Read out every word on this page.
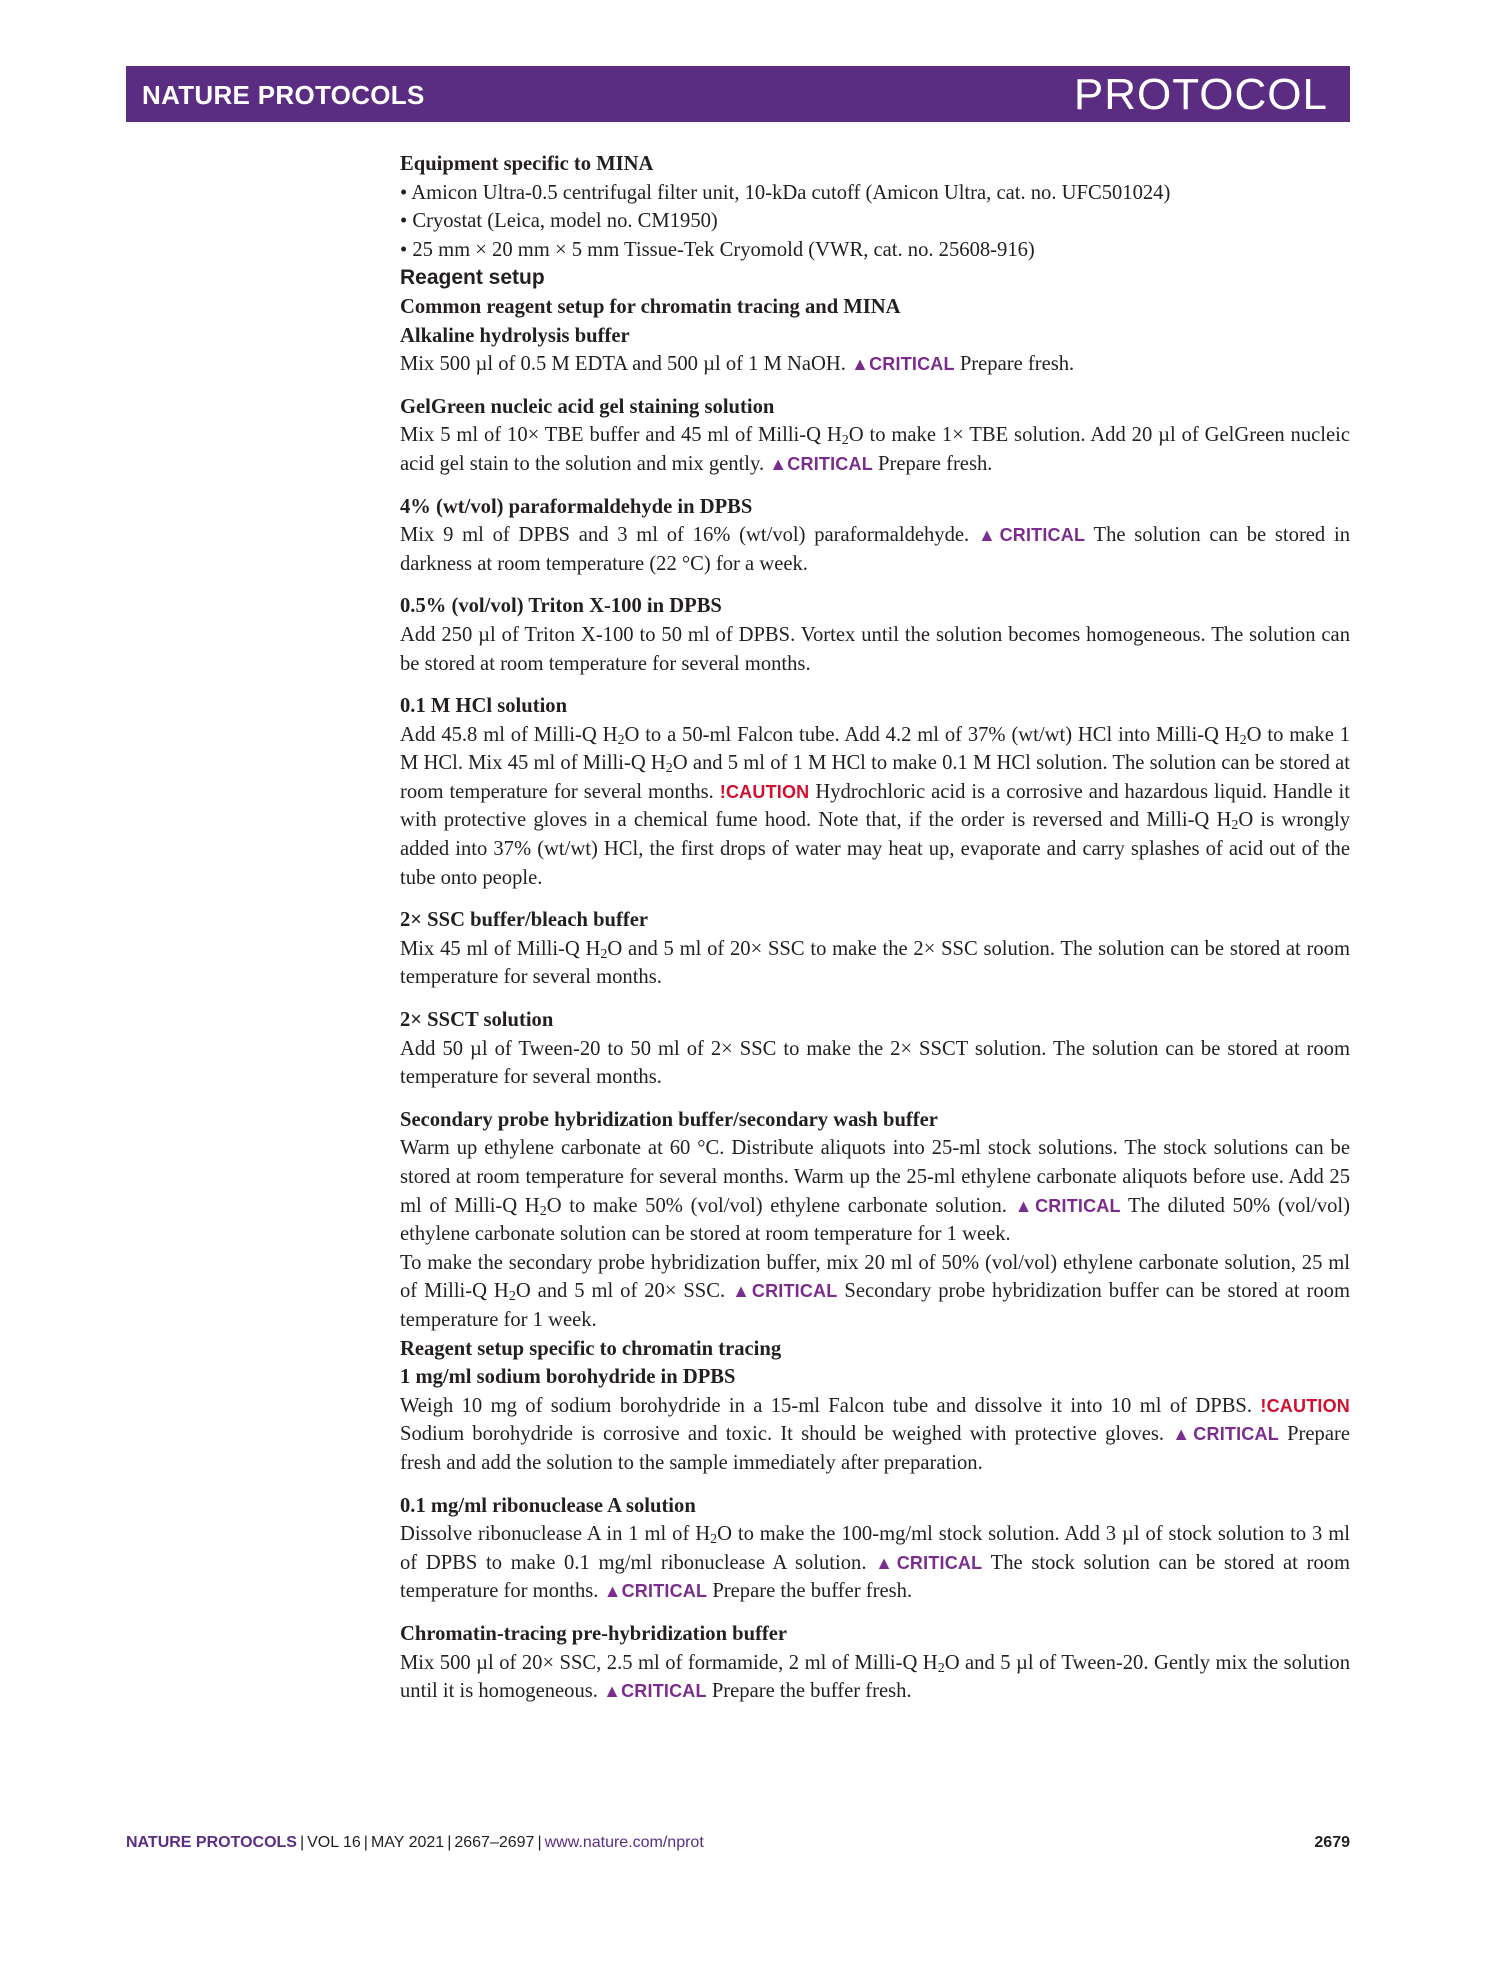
NATURE PROTOCOLS	PROTOCOL

Equipment specific to MINA

• Amicon Ultra-0.5 centrifugal filter unit, 10-kDa cutoff (Amicon Ultra, cat. no. UFC501024)

• Cryostat (Leica, model no. CM1950)

• 25 mm × 20 mm × 5 mm Tissue-Tek Cryomold (VWR, cat. no. 25608-916)

Reagent setup

Common reagent setup for chromatin tracing and MINA

Alkaline hydrolysis buffer

Mix 500 µl of 0.5 M EDTA and 500 µl of 1 M NaOH. ▲CRITICAL Prepare fresh.

GelGreen nucleic acid gel staining solution

Mix 5 ml of 10× TBE buffer and 45 ml of Milli-Q $H_2O$ to make 1× TBE solution. Add 20 µl of GelGreen nucleic acid gel stain to the solution and mix gently. ▲CRITICAL Prepare fresh.

4% (wt/vol) paraformaldehyde in DPBS

Mix 9 ml of DPBS and 3 ml of 16% (wt/vol) paraformaldehyde. ▲CRITICAL The solution can be stored in darkness at room temperature (22 °C) for a week.

0.5% (vol/vol) Triton X-100 in DPBS

Add 250 µl of Triton X-100 to 50 ml of DPBS. Vortex until the solution becomes homogeneous. The solution can be stored at room temperature for several months.

0.1 M HCl solution

Add 45.8 ml of Milli-Q $H_2O$ to a 50-ml Falcon tube. Add 4.2 ml of 37% (wt/wt) HCl into Milli-Q $H_2O$ to make 1 M HCl. Mix 45 ml of Milli-Q $H_2O$ and 5 ml of 1 M HCl to make 0.1 M HCl solution. The solution can be stored at room temperature for several months. !CAUTION Hydrochloric acid is a corrosive and hazardous liquid. Handle it with protective gloves in a chemical fume hood. Note that, if the order is reversed and Milli-Q $H_2O$ is wrongly added into 37% (wt/wt) HCl, the first drops of water may heat up, evaporate and carry splashes of acid out of the tube onto people.

2× SSC buffer/bleach buffer

Mix 45 ml of Milli-Q $H_2O$ and 5 ml of 20× SSC to make the 2× SSC solution. The solution can be stored at room temperature for several months.

2× SSCT solution

Add 50 µl of Tween-20 to 50 ml of 2× SSC to make the 2× SSCT solution. The solution can be stored at room temperature for several months.

Secondary probe hybridization buffer/secondary wash buffer

Warm up ethylene carbonate at 60 °C. Distribute aliquots into 25-ml stock solutions. The stock solutions can be stored at room temperature for several months. Warm up the 25-ml ethylene carbonate aliquots before use. Add 25 ml of Milli-Q $H_2O$ to make 50% (vol/vol) ethylene carbonate solution. ▲CRITICAL The diluted 50% (vol/vol) ethylene carbonate solution can be stored at room temperature for 1 week.

To make the secondary probe hybridization buffer, mix 20 ml of 50% (vol/vol) ethylene carbonate solution, 25 ml of Milli-Q $H_2O$ and 5 ml of 20× SSC. ▲CRITICAL Secondary probe hybridization buffer can be stored at room temperature for 1 week.

Reagent setup specific to chromatin tracing

1 mg/ml sodium borohydride in DPBS

Weigh 10 mg of sodium borohydride in a 15-ml Falcon tube and dissolve it into 10 ml of DPBS. !CAUTION Sodium borohydride is corrosive and toxic. It should be weighed with protective gloves. ▲CRITICAL Prepare fresh and add the solution to the sample immediately after preparation.

0.1 mg/ml ribonuclease A solution

Dissolve ribonuclease A in 1 ml of $H_2O$ to make the 100-mg/ml stock solution. Add 3 µl of stock solution to 3 ml of DPBS to make 0.1 mg/ml ribonuclease A solution. ▲CRITICAL The stock solution can be stored at room temperature for months. ▲CRITICAL Prepare the buffer fresh.

Chromatin-tracing pre-hybridization buffer

Mix 500 µl of 20× SSC, 2.5 ml of formamide, 2 ml of Milli-Q $H_2O$ and 5 µl of Tween-20. Gently mix the solution until it is homogeneous. ▲CRITICAL Prepare the buffer fresh.

NATURE PROTOCOLS | VOL 16 | MAY 2021 | 2667–2697 | www.nature.com/nprot	2679
